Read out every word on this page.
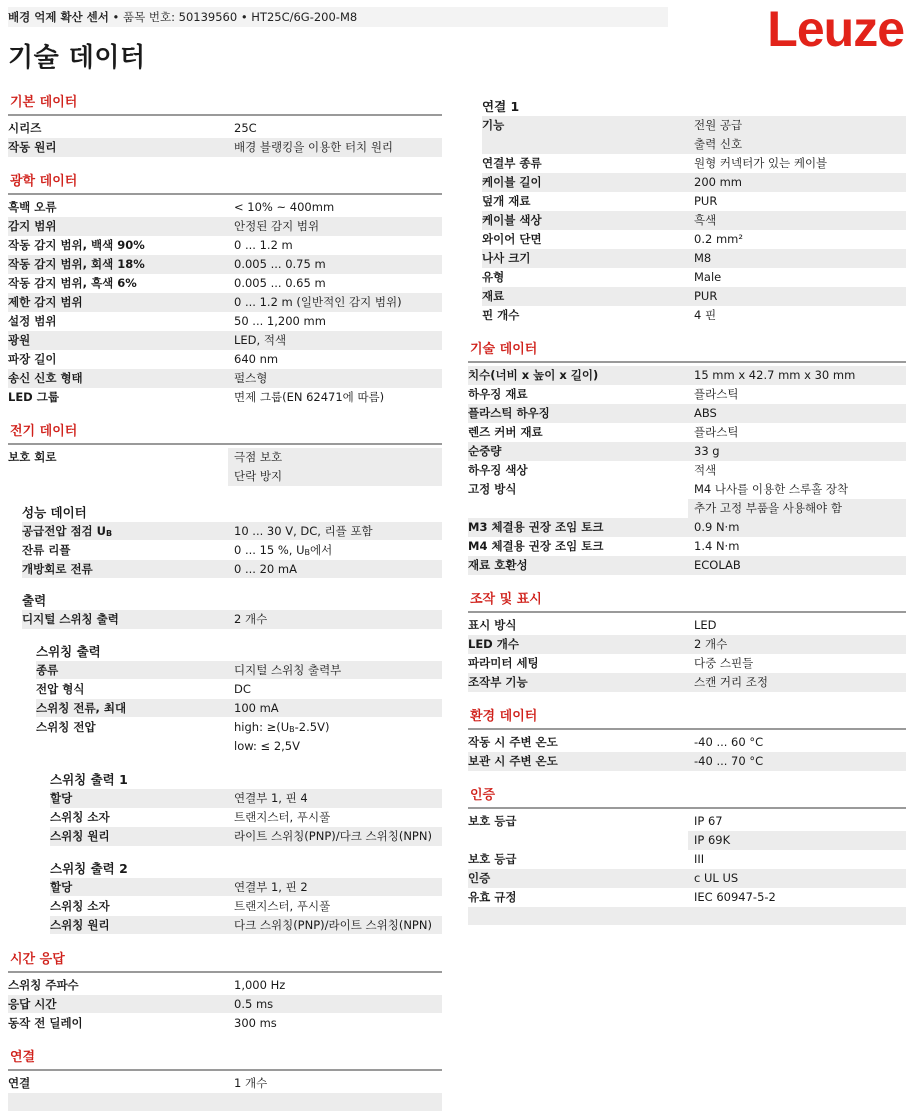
배경 억제 확산 센서 • 품목 번호: 50139560 • HT25C/6G-200-M8
기술 데이터
Leuze
기본 데이터
시리즈	25C
작동 원리	배경 블랭킹을 이용한 터치 원리
광학 데이터
흑백 오류	< 10% ~ 400mm
감지 범위	안정된 감지 범위
작동 감지 범위, 백색 90%	0 ... 1.2 m
작동 감지 범위, 회색 18%	0.005 ... 0.75 m
작동 감지 범위, 흑색 6%	0.005 ... 0.65 m
제한 감지 범위	0 ... 1.2 m (일반적인 감지 범위)
설정 범위	50 ... 1,200 mm
광원	LED, 적색
파장 길이	640 nm
송신 신호 형태	펄스형
LED 그룹	면제 그룹(EN 62471에 따름)
전기 데이터
보호 회로	극점 보호
단락 방지
성능 데이터
공급전압 점검 $U_B$	10 ... 30 V, DC, 리플 포함
잔류 리플	0 ... 15 %, $U_B$에서
개방회로 전류	0 ... 20 mA
출력
디지털 스위칭 출력	2 개수
스위칭 출력
종류	디지털 스위칭 출력부
전압 형식	DC
스위칭 전류, 최대	100 mA
스위칭 전압	high: $\ge(U_B-2.5V)$
low: ≤ 2,5V
스위칭 출력 1
할당	연결부 1, 핀 4
스위칭 소자	트랜지스터, 푸시풀
스위칭 원리	라이트 스위칭(PNP)/다크 스위칭(NPN)
스위칭 출력 2
할당	연결부 1, 핀 2
스위칭 소자	트랜지스터, 푸시풀
스위칭 원리	다크 스위칭(PNP)/라이트 스위칭(NPN)
시간 응답
스위칭 주파수	1,000 Hz
응답 시간	0.5 ms
동작 전 딜레이	300 ms
연결
연결	1 개수
연결 1
기능	전원 공급
출력 신호
연결부 종류	원형 커넥터가 있는 케이블
케이블 길이	200 mm
덮개 재료	PUR
케이블 색상	흑색
와이어 단면	0.2 mm²
나사 크기	M8
유형	Male
재료	PUR
핀 개수	4 핀
기술 데이터
치수(너비 x 높이 x 길이)	15 mm x 42.7 mm x 30 mm
하우징 재료	플라스틱
플라스틱 하우징	ABS
렌즈 커버 재료	플라스틱
순중량	33 g
하우징 색상	적색
고정 방식	M4 나사를 이용한 스루홀 장착
추가 고정 부품을 사용해야 함
M3 체결용 권장 조임 토크	0.9 N·m
M4 체결용 권장 조임 토크	1.4 N·m
재료 호환성	ECOLAB
조작 및 표시
표시 방식	LED
LED 개수	2 개수
파라미터 세팅	다중 스핀들
조작부 기능	스캔 거리 조정
환경 데이터
작동 시 주변 온도	-40 ... 60 °C
보관 시 주변 온도	-40 ... 70 °C
인증
보호 등급	IP 67
IP 69K
보호 등급	III
인증	c UL US
유효 규정	IEC 60947-5-2
